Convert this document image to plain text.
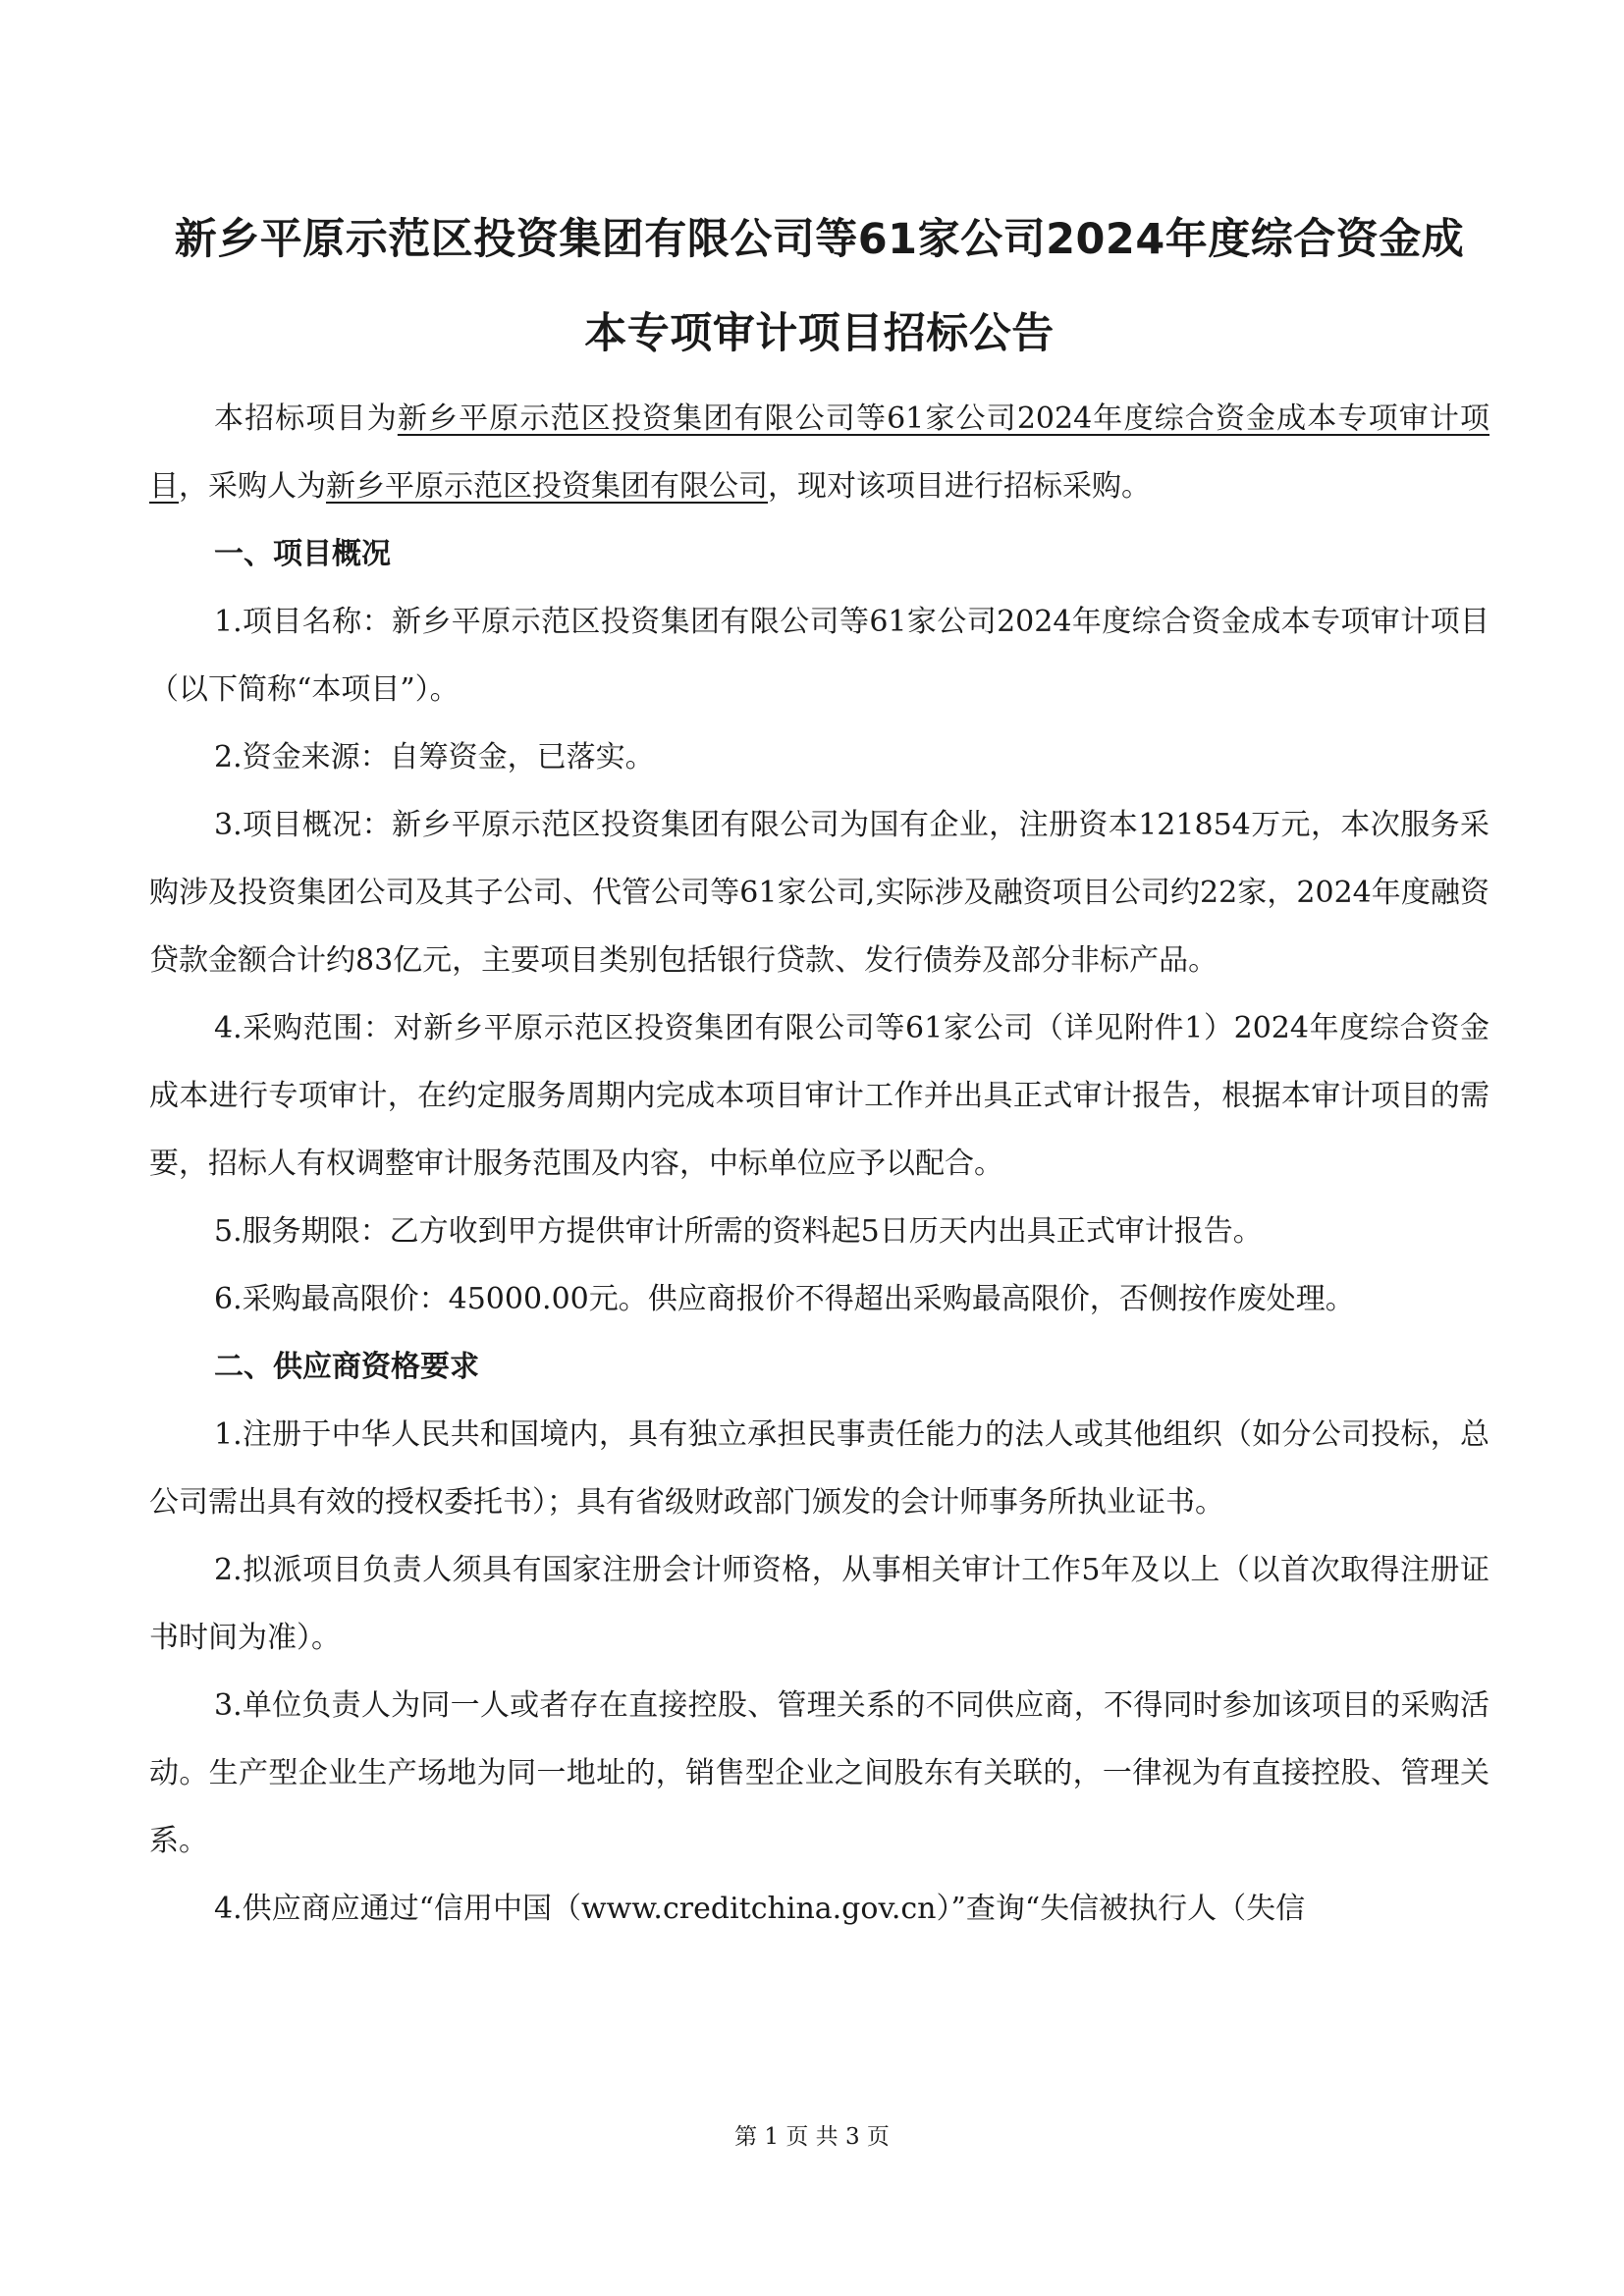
新乡平原示范区投资集团有限公司等61家公司2024年度综合资金成
本专项审计项目招标公告

本招标项目为新乡平原示范区投资集团有限公司等61家公司2024年度综合资金成本专项审计项目，采购人为新乡平原示范区投资集团有限公司，现对该项目进行招标采购。

一、项目概况

1.项目名称：新乡平原示范区投资集团有限公司等61家公司2024年度综合资金成本专项审计项目（以下简称“本项目”）。

2.资金来源：自筹资金，已落实。

3.项目概况：新乡平原示范区投资集团有限公司为国有企业，注册资本121854万元，本次服务采购涉及投资集团公司及其子公司、代管公司等61家公司,实际涉及融资项目公司约22家，2024年度融资贷款金额合计约83亿元，主要项目类别包括银行贷款、发行债券及部分非标产品。

4.采购范围：对新乡平原示范区投资集团有限公司等61家公司（详见附件1）2024年度综合资金成本进行专项审计，在约定服务周期内完成本项目审计工作并出具正式审计报告，根据本审计项目的需要，招标人有权调整审计服务范围及内容，中标单位应予以配合。

5.服务期限：乙方收到甲方提供审计所需的资料起5日历天内出具正式审计报告。

6.采购最高限价：45000.00元。供应商报价不得超出采购最高限价，否侧按作废处理。

二、供应商资格要求

1.注册于中华人民共和国境内，具有独立承担民事责任能力的法人或其他组织（如分公司投标，总公司需出具有效的授权委托书）；具有省级财政部门颁发的会计师事务所执业证书。

2.拟派项目负责人须具有国家注册会计师资格，从事相关审计工作5年及以上（以首次取得注册证书时间为准）。

3.单位负责人为同一人或者存在直接控股、管理关系的不同供应商，不得同时参加该项目的采购活动。生产型企业生产场地为同一地址的，销售型企业之间股东有关联的，一律视为有直接控股、管理关系。

4.供应商应通过“信用中国（www.creditchina.gov.cn）”查询“失信被执行人（失信

第 1 页 共 3 页
